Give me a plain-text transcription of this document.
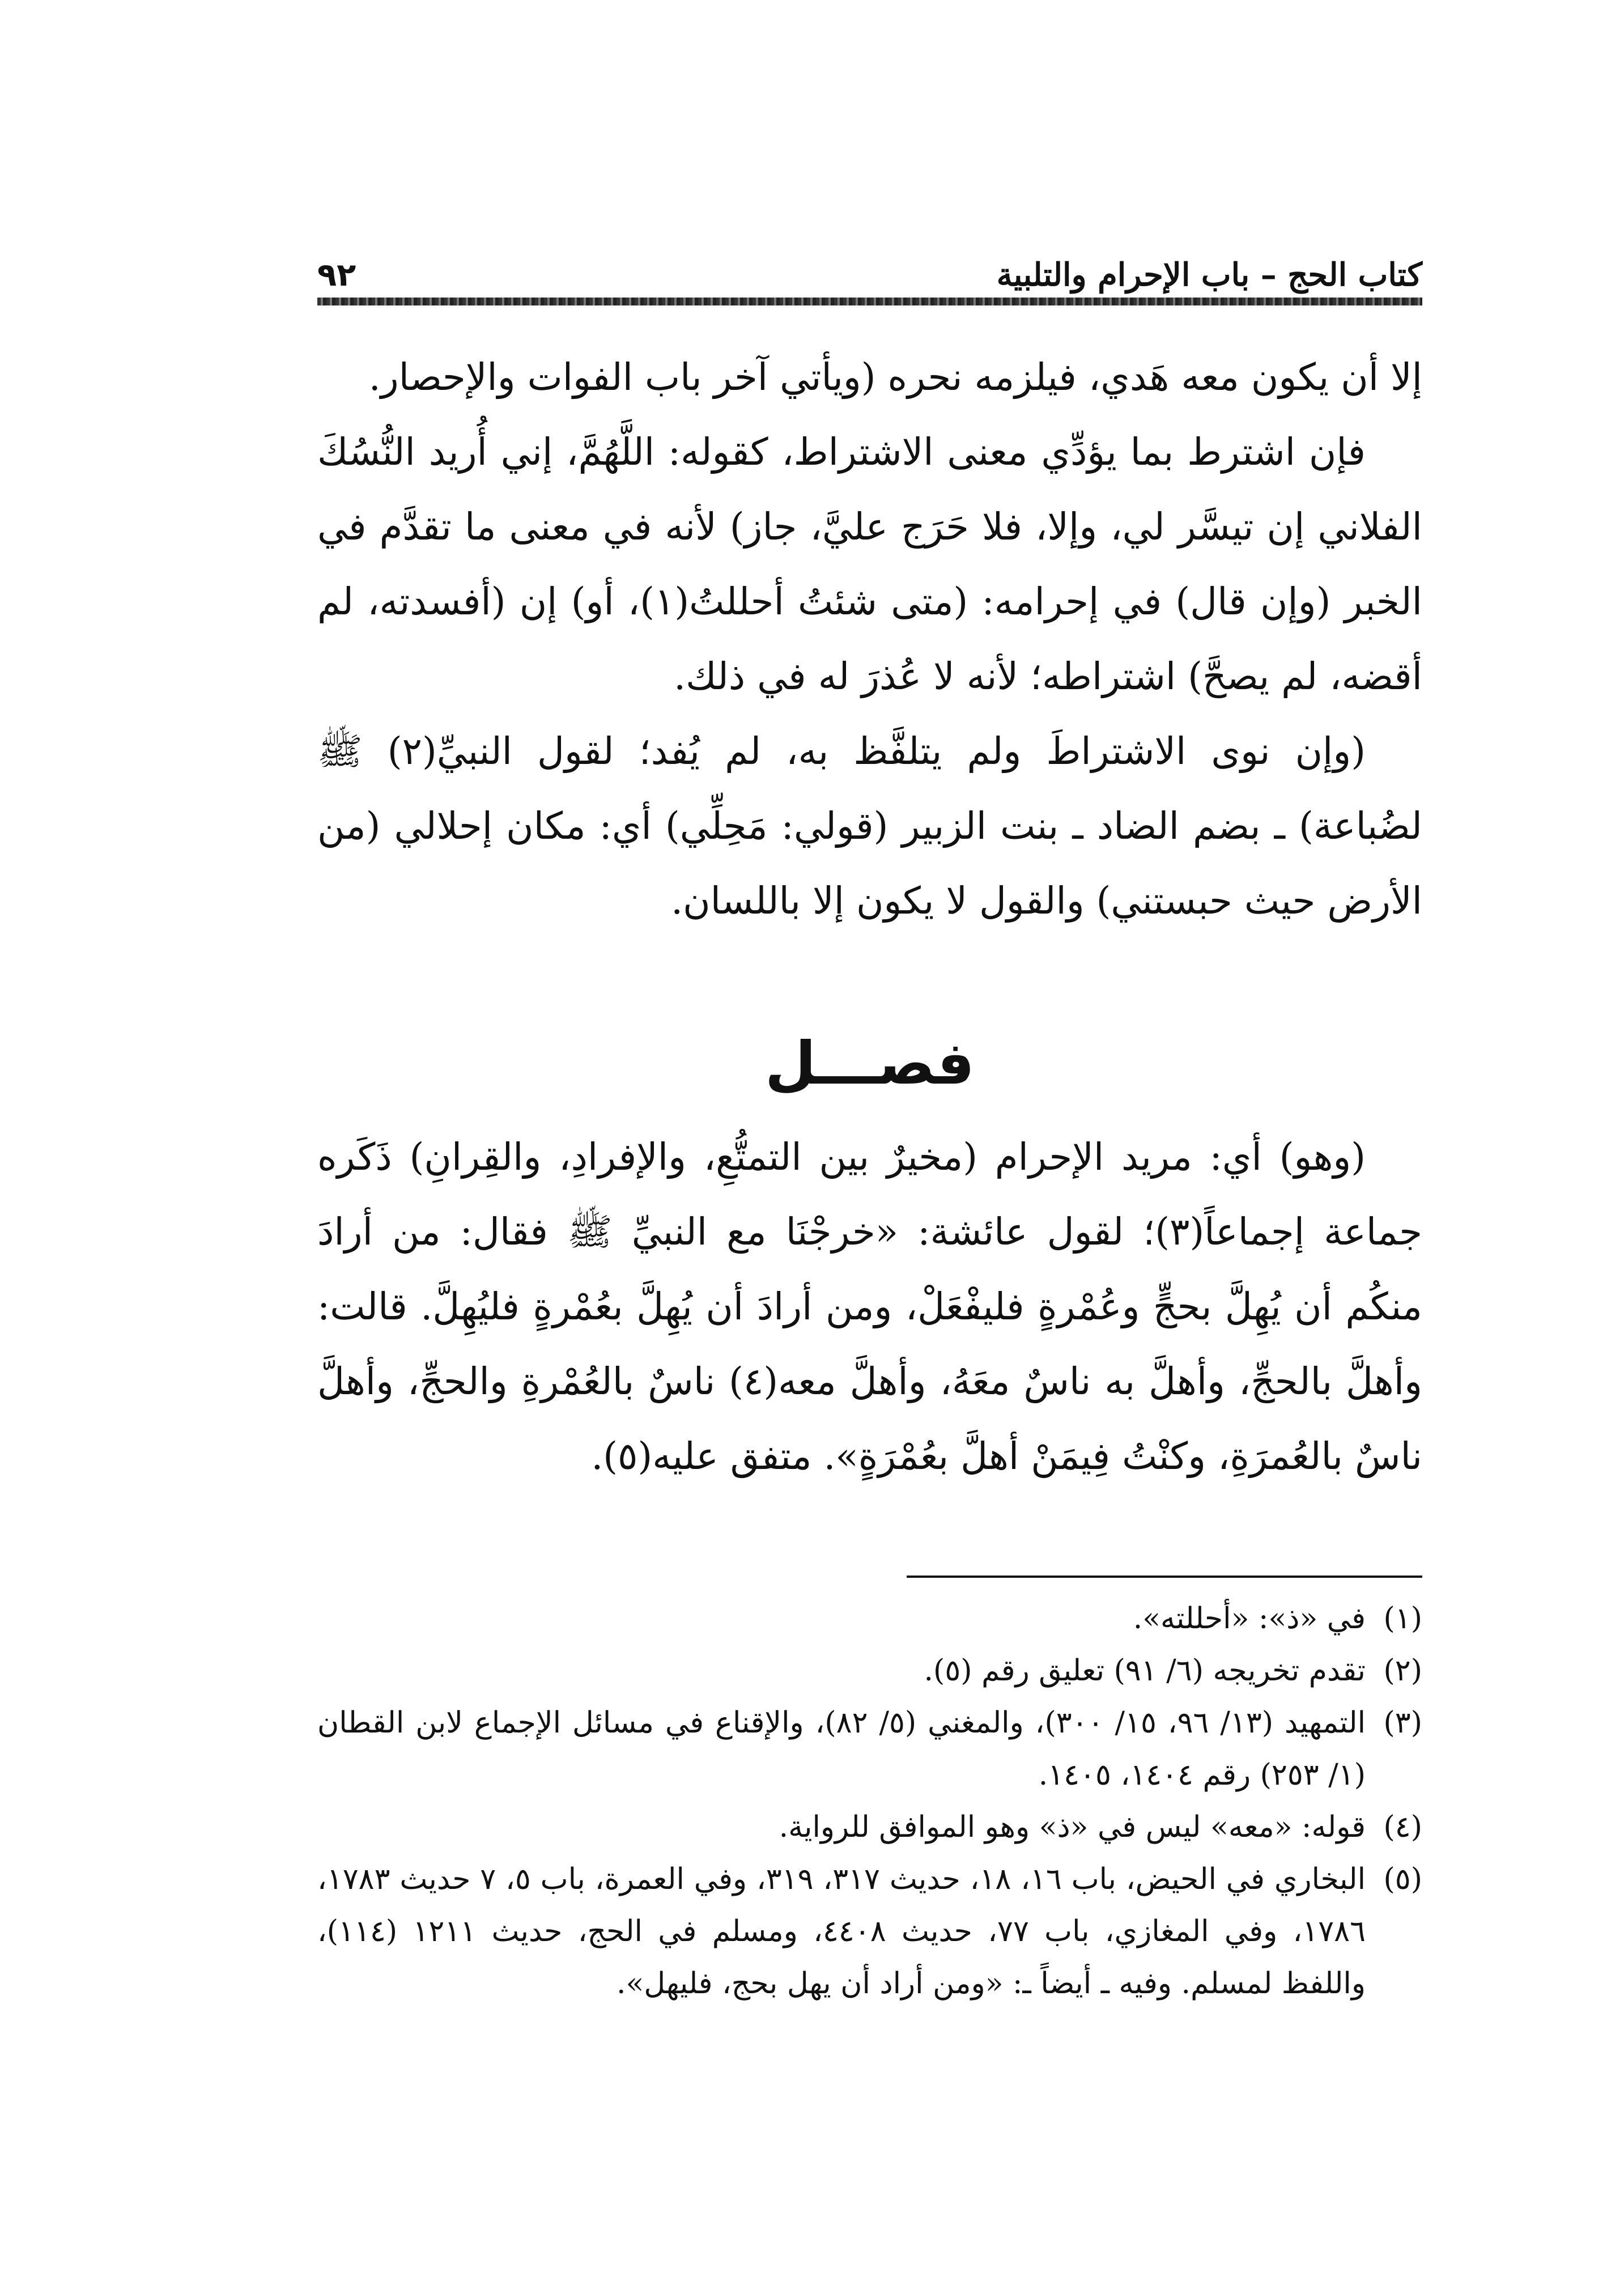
كتاب الحج – باب الإحرام والتلبية
٩٢

إلا أن يكون معه هَدي، فيلزمه نحره (ويأتي آخر باب الفوات والإحصار.

فإن اشترط بما يؤدِّي معنى الاشتراط، كقوله: اللَّهُمَّ، إني أُريد النُّسُكَ الفلاني إن تيسَّر لي، وإلا، فلا حَرَج عليَّ، جاز) لأنه في معنى ما تقدَّم في الخبر (وإن قال) في إحرامه: (متى شئتُ أحللتُ(١)، أو) إن (أفسدته، لم أقضه، لم يصحَّ) اشتراطه؛ لأنه لا عُذرَ له في ذلك.

(وإن نوى الاشتراطَ ولم يتلفَّظ به، لم يُفد؛ لقول النبيِّ(٢) ﷺ لضُباعة) ـ بضم الضاد ـ بنت الزبير (قولي: مَحِلِّي) أي: مكان إحلالي (من الأرض حيث حبستني) والقول لا يكون إلا باللسان.

فصـــل

(وهو) أي: مريد الإحرام (مخيرٌ بين التمتُّعِ، والإفرادِ، والقِرانِ) ذَكَره جماعة إجماعاً(٣)؛ لقول عائشة: «خرجْنَا مع النبيِّ ﷺ فقال: من أرادَ منكُم أن يُهِلَّ بحجٍّ وعُمْرةٍ فليفْعَلْ، ومن أرادَ أن يُهِلَّ بعُمْرةٍ فليُهِلَّ. قالت: وأهلَّ بالحجِّ، وأهلَّ به ناسٌ معَهُ، وأهلَّ معه(٤) ناسٌ بالعُمْرةِ والحجِّ، وأهلَّ ناسٌ بالعُمرَةِ، وكنْتُ فِيمَنْ أهلَّ بعُمْرَةٍ». متفق عليه(٥).

(١)
في «ذ»: «أحللته».

(٢)
تقدم تخريجه (٦/ ٩١) تعليق رقم (٥).

(٣)
التمهيد (١٣/ ٩٦، ١٥/ ٣٠٠)، والمغني (٥/ ٨٢)، والإقناع في مسائل الإجماع لابن القطان (١/ ٢٥٣) رقم ١٤٠٤، ١٤٠٥.

(٤)
قوله: «معه» ليس في «ذ» وهو الموافق للرواية.

(٥)
البخاري في الحيض، باب ١٦، ١٨، حديث ٣١٧، ٣١٩، وفي العمرة، باب ٥، ٧ حديث ١٧٨٣، ١٧٨٦، وفي المغازي، باب ٧٧، حديث ٤٤٠٨، ومسلم في الحج، حديث ١٢١١ (١١٤)، واللفظ لمسلم. وفيه ـ أيضاً ـ: «ومن أراد أن يهل بحج، فليهل».
